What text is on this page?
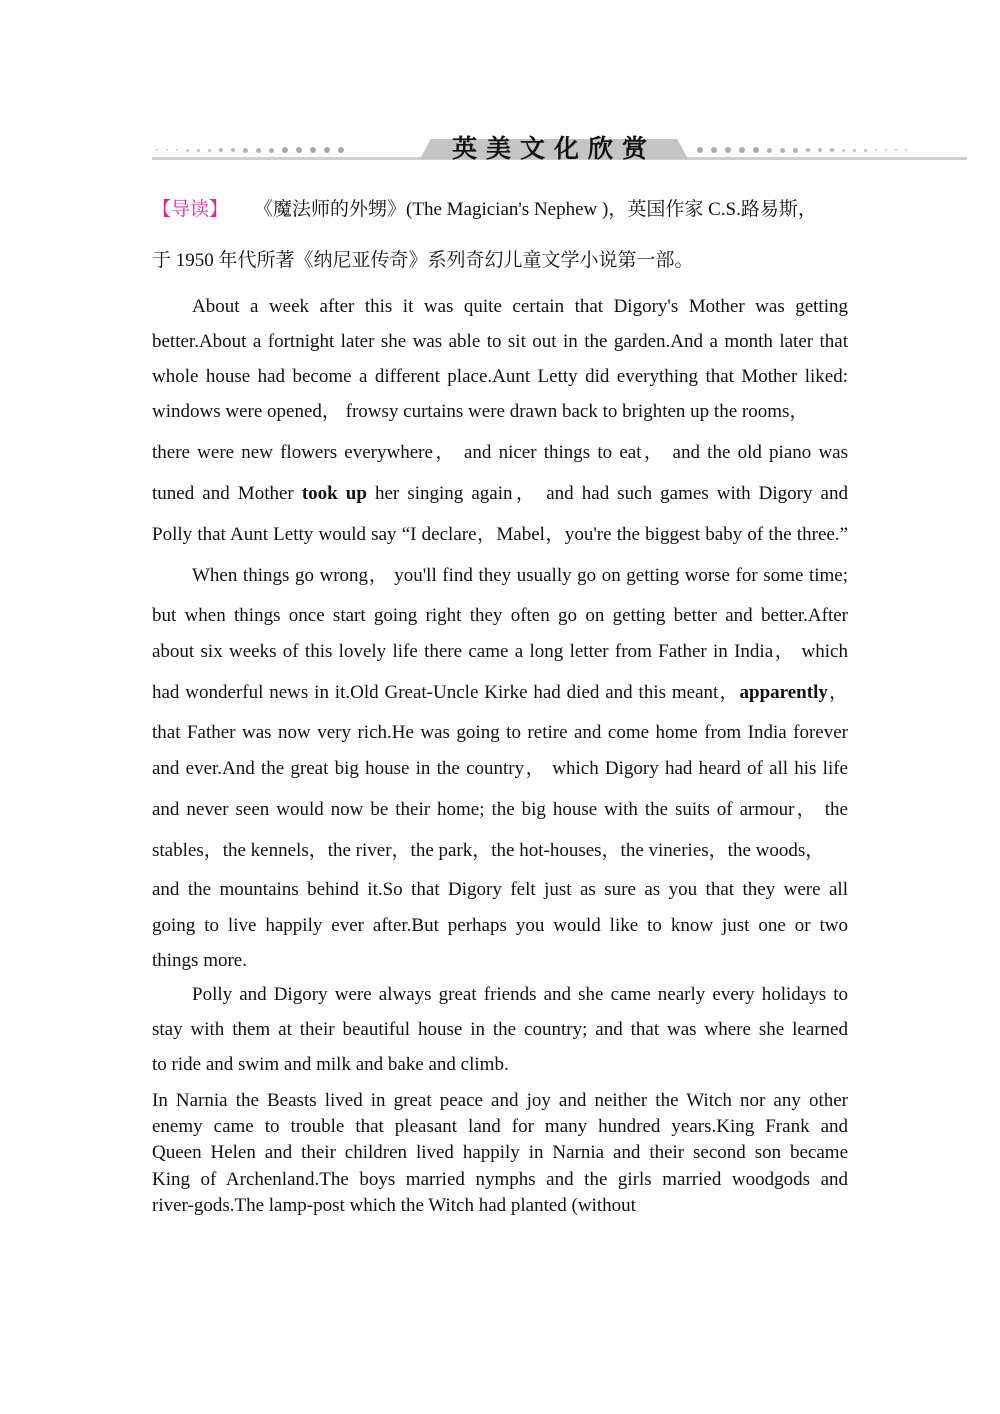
英美文化欣赏
【导读】 《魔法师的外甥》(The Magician's Nephew )，英国作家 C.S.路易斯，
于 1950 年代所著《纳尼亚传奇》系列奇幻儿童文学小说第一部。
About a week after this it was quite certain that Digory's Mother was getting
better.About a fortnight later she was able to sit out in the garden.And a month later that
whole house had become a different place.Aunt Letty did everything that Mother liked:
windows were opened， frowsy curtains were drawn back to brighten up the rooms，
there were new flowers everywhere， and nicer things to eat， and the old piano was
tuned and Mother took up her singing again， and had such games with Digory and
Polly that Aunt Letty would say “I declare，Mabel，you're the biggest baby of the three.”
When things go wrong， you'll find they usually go on getting worse for some time;
but when things once start going right they often go on getting better and better.After
about six weeks of this lovely life there came a long letter from Father in India， which
had wonderful news in it.Old Great-Uncle Kirke had died and this meant，apparently，
that Father was now very rich.He was going to retire and come home from India forever
and ever.And the great big house in the country， which Digory had heard of all his life
and never seen would now be their home; the big house with the suits of armour， the
stables，the kennels，the river，the park，the hot-houses，the vineries，the woods，
and the mountains behind it.So that Digory felt just as sure as you that they were all
going to live happily ever after.But perhaps you would like to know just one or two
things more.
Polly and Digory were always great friends and she came nearly every holidays to
stay with them at their beautiful house in the country; and that was where she learned
to ride and swim and milk and bake and climb.
In Narnia the Beasts lived in great peace and joy and neither the Witch nor any other
enemy came to trouble that pleasant land for many hundred years.King Frank and
Queen Helen and their children lived happily in Narnia and their second son became
King of Archenland.The boys married nymphs and the girls married woodgods and
river-gods.The lamp-post which the Witch had planted (without
